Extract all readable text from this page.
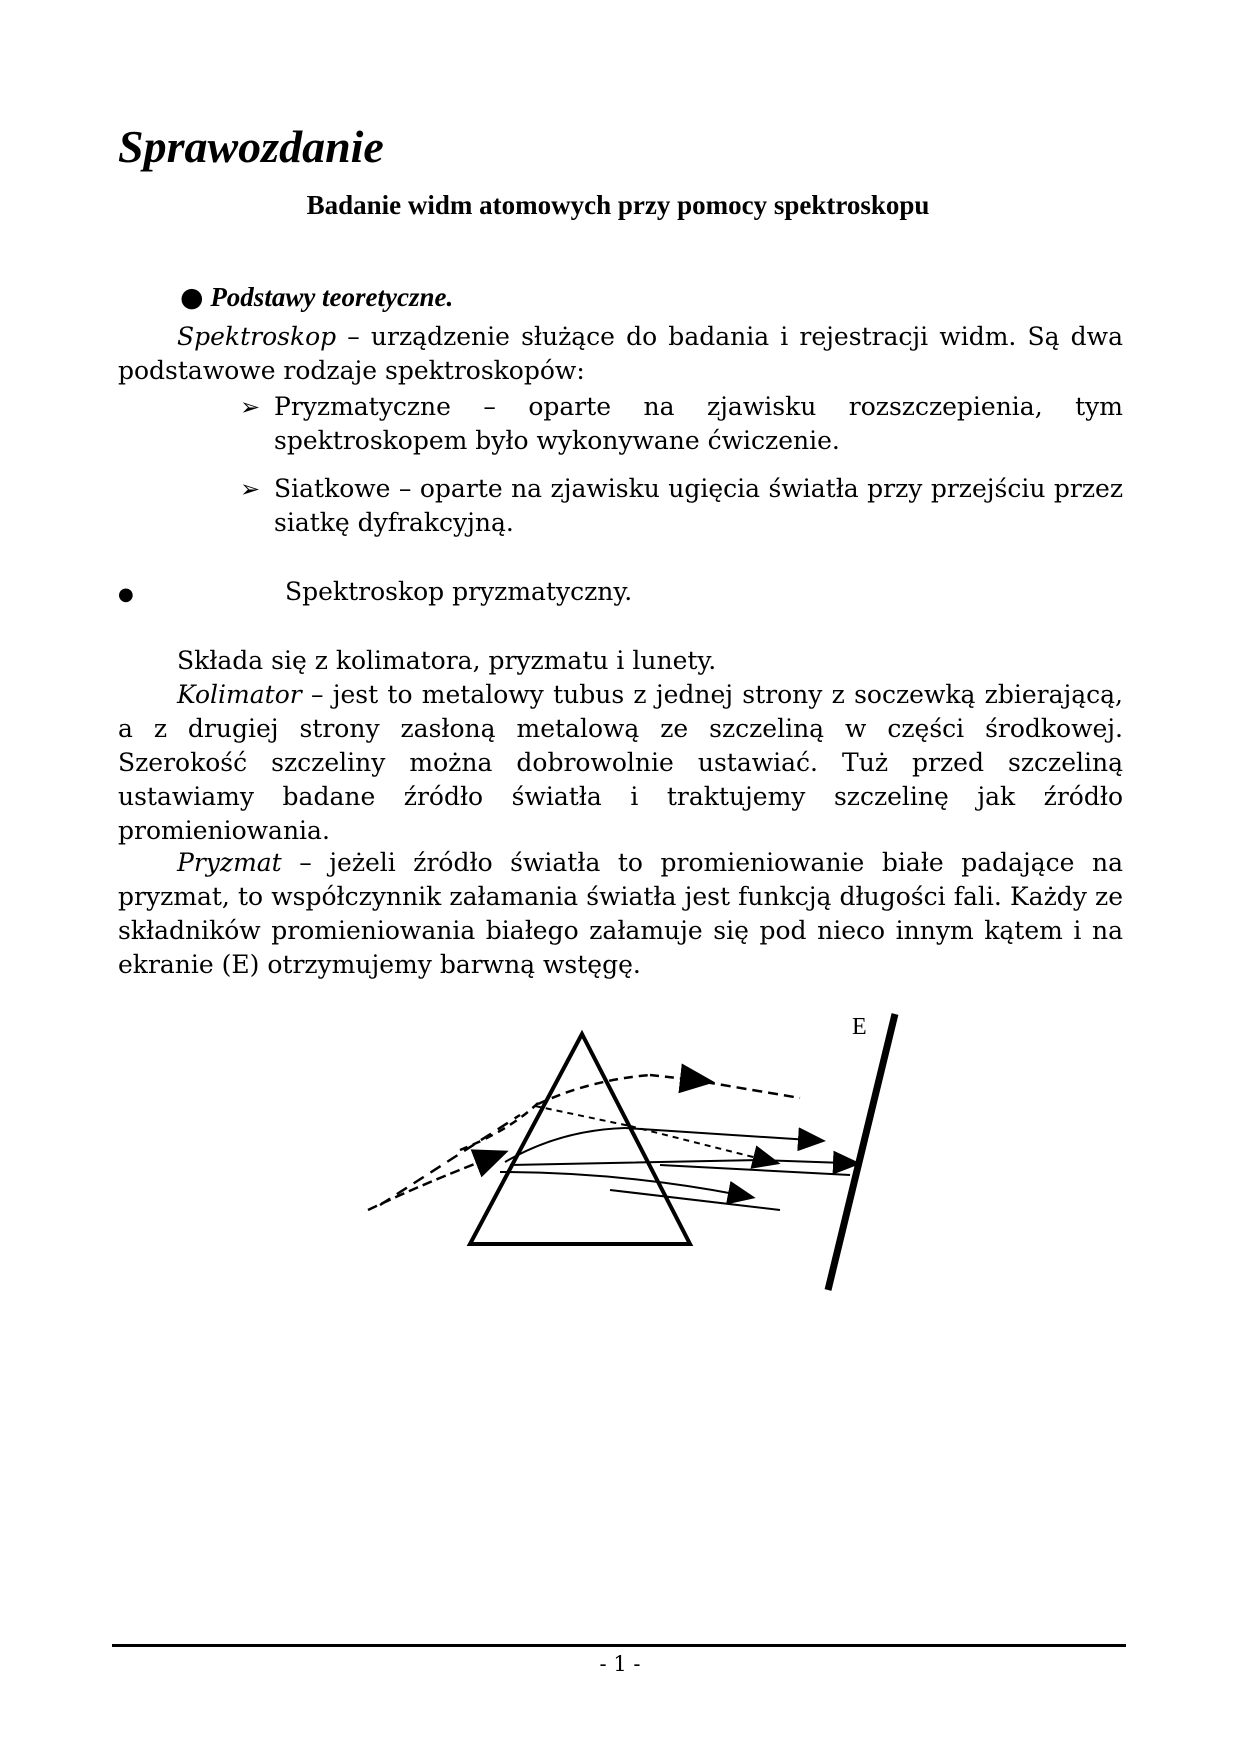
Sprawozdanie
Badanie widm atomowych przy pomocy spektroskopu
● Podstawy teoretyczne.
Spektroskop – urządzenie służące do badania i rejestracji widm. Są dwa podstawowe rodzaje spektroskopów:
➢ Pryzmatyczne – oparte na zjawisku rozszczepienia, tym spektroskopem było wykonywane ćwiczenie.
➢ Siatkowe – oparte na zjawisku ugięcia światła przy przejściu przez siatkę dyfrakcyjną.
●	Spektroskop pryzmatyczny.
Składa się z kolimatora, pryzmatu i lunety.
Kolimator – jest to metalowy tubus z jednej strony z soczewką zbierającą, a z drugiej strony zasłoną metalową ze szczeliną w części środkowej. Szerokość szczeliny można dobrowolnie ustawiać. Tuż przed szczeliną ustawiamy badane źródło światła i traktujemy szczelinę jak źródło promieniowania.
Pryzmat – jeżeli źródło światła to promieniowanie białe padające na pryzmat, to współczynnik załamania światła jest funkcją długości fali. Każdy ze składników promieniowania białego załamuje się pod nieco innym kątem i na ekranie (E) otrzymujemy barwną wstęgę.
E
- 1 -
